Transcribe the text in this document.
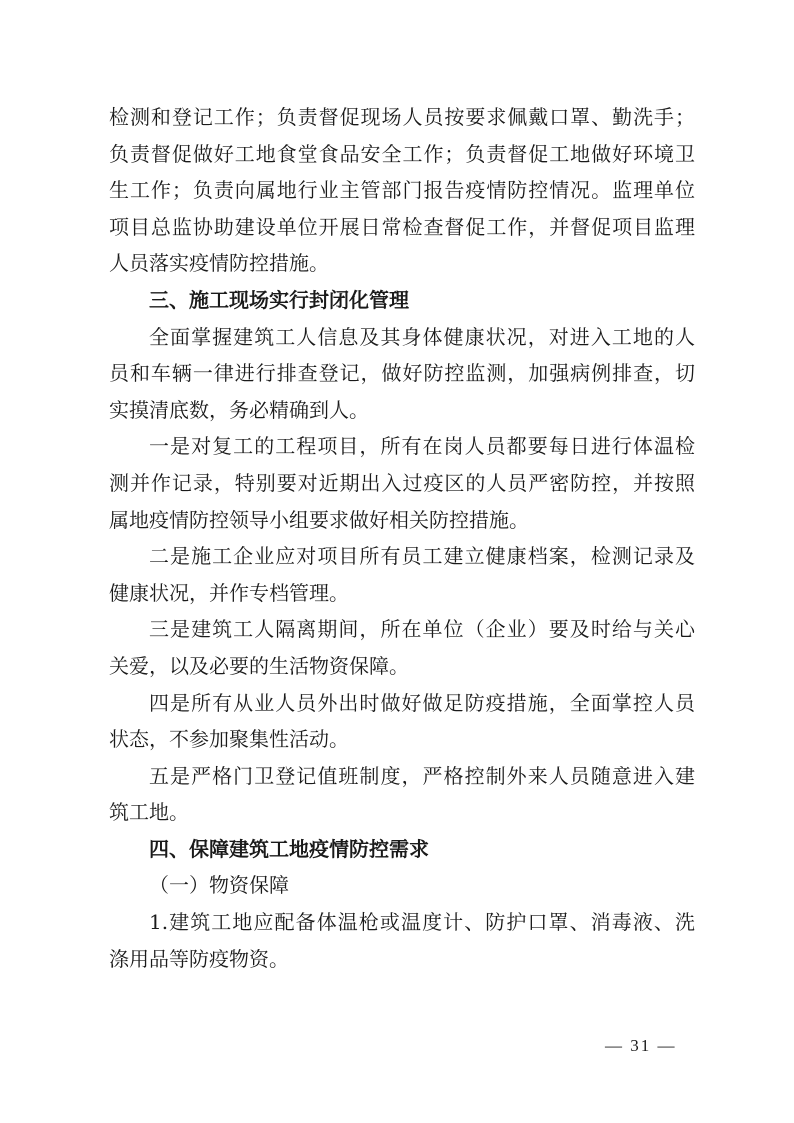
检测和登记工作；负责督促现场人员按要求佩戴口罩、勤洗手；
负责督促做好工地食堂食品安全工作；负责督促工地做好环境卫
生工作；负责向属地行业主管部门报告疫情防控情况。监理单位
项目总监协助建设单位开展日常检查督促工作，并督促项目监理
人员落实疫情防控措施。
三、施工现场实行封闭化管理
全面掌握建筑工人信息及其身体健康状况，对进入工地的人
员和车辆一律进行排查登记，做好防控监测，加强病例排查，切
实摸清底数，务必精确到人。
一是对复工的工程项目，所有在岗人员都要每日进行体温检
测并作记录，特别要对近期出入过疫区的人员严密防控，并按照
属地疫情防控领导小组要求做好相关防控措施。
二是施工企业应对项目所有员工建立健康档案，检测记录及
健康状况，并作专档管理。
三是建筑工人隔离期间，所在单位（企业）要及时给与关心
关爱，以及必要的生活物资保障。
四是所有从业人员外出时做好做足防疫措施，全面掌控人员
状态，不参加聚集性活动。
五是严格门卫登记值班制度，严格控制外来人员随意进入建
筑工地。
四、保障建筑工地疫情防控需求
（一）物资保障
1.建筑工地应配备体温枪或温度计、防护口罩、消毒液、洗
涤用品等防疫物资。
— 31 —
